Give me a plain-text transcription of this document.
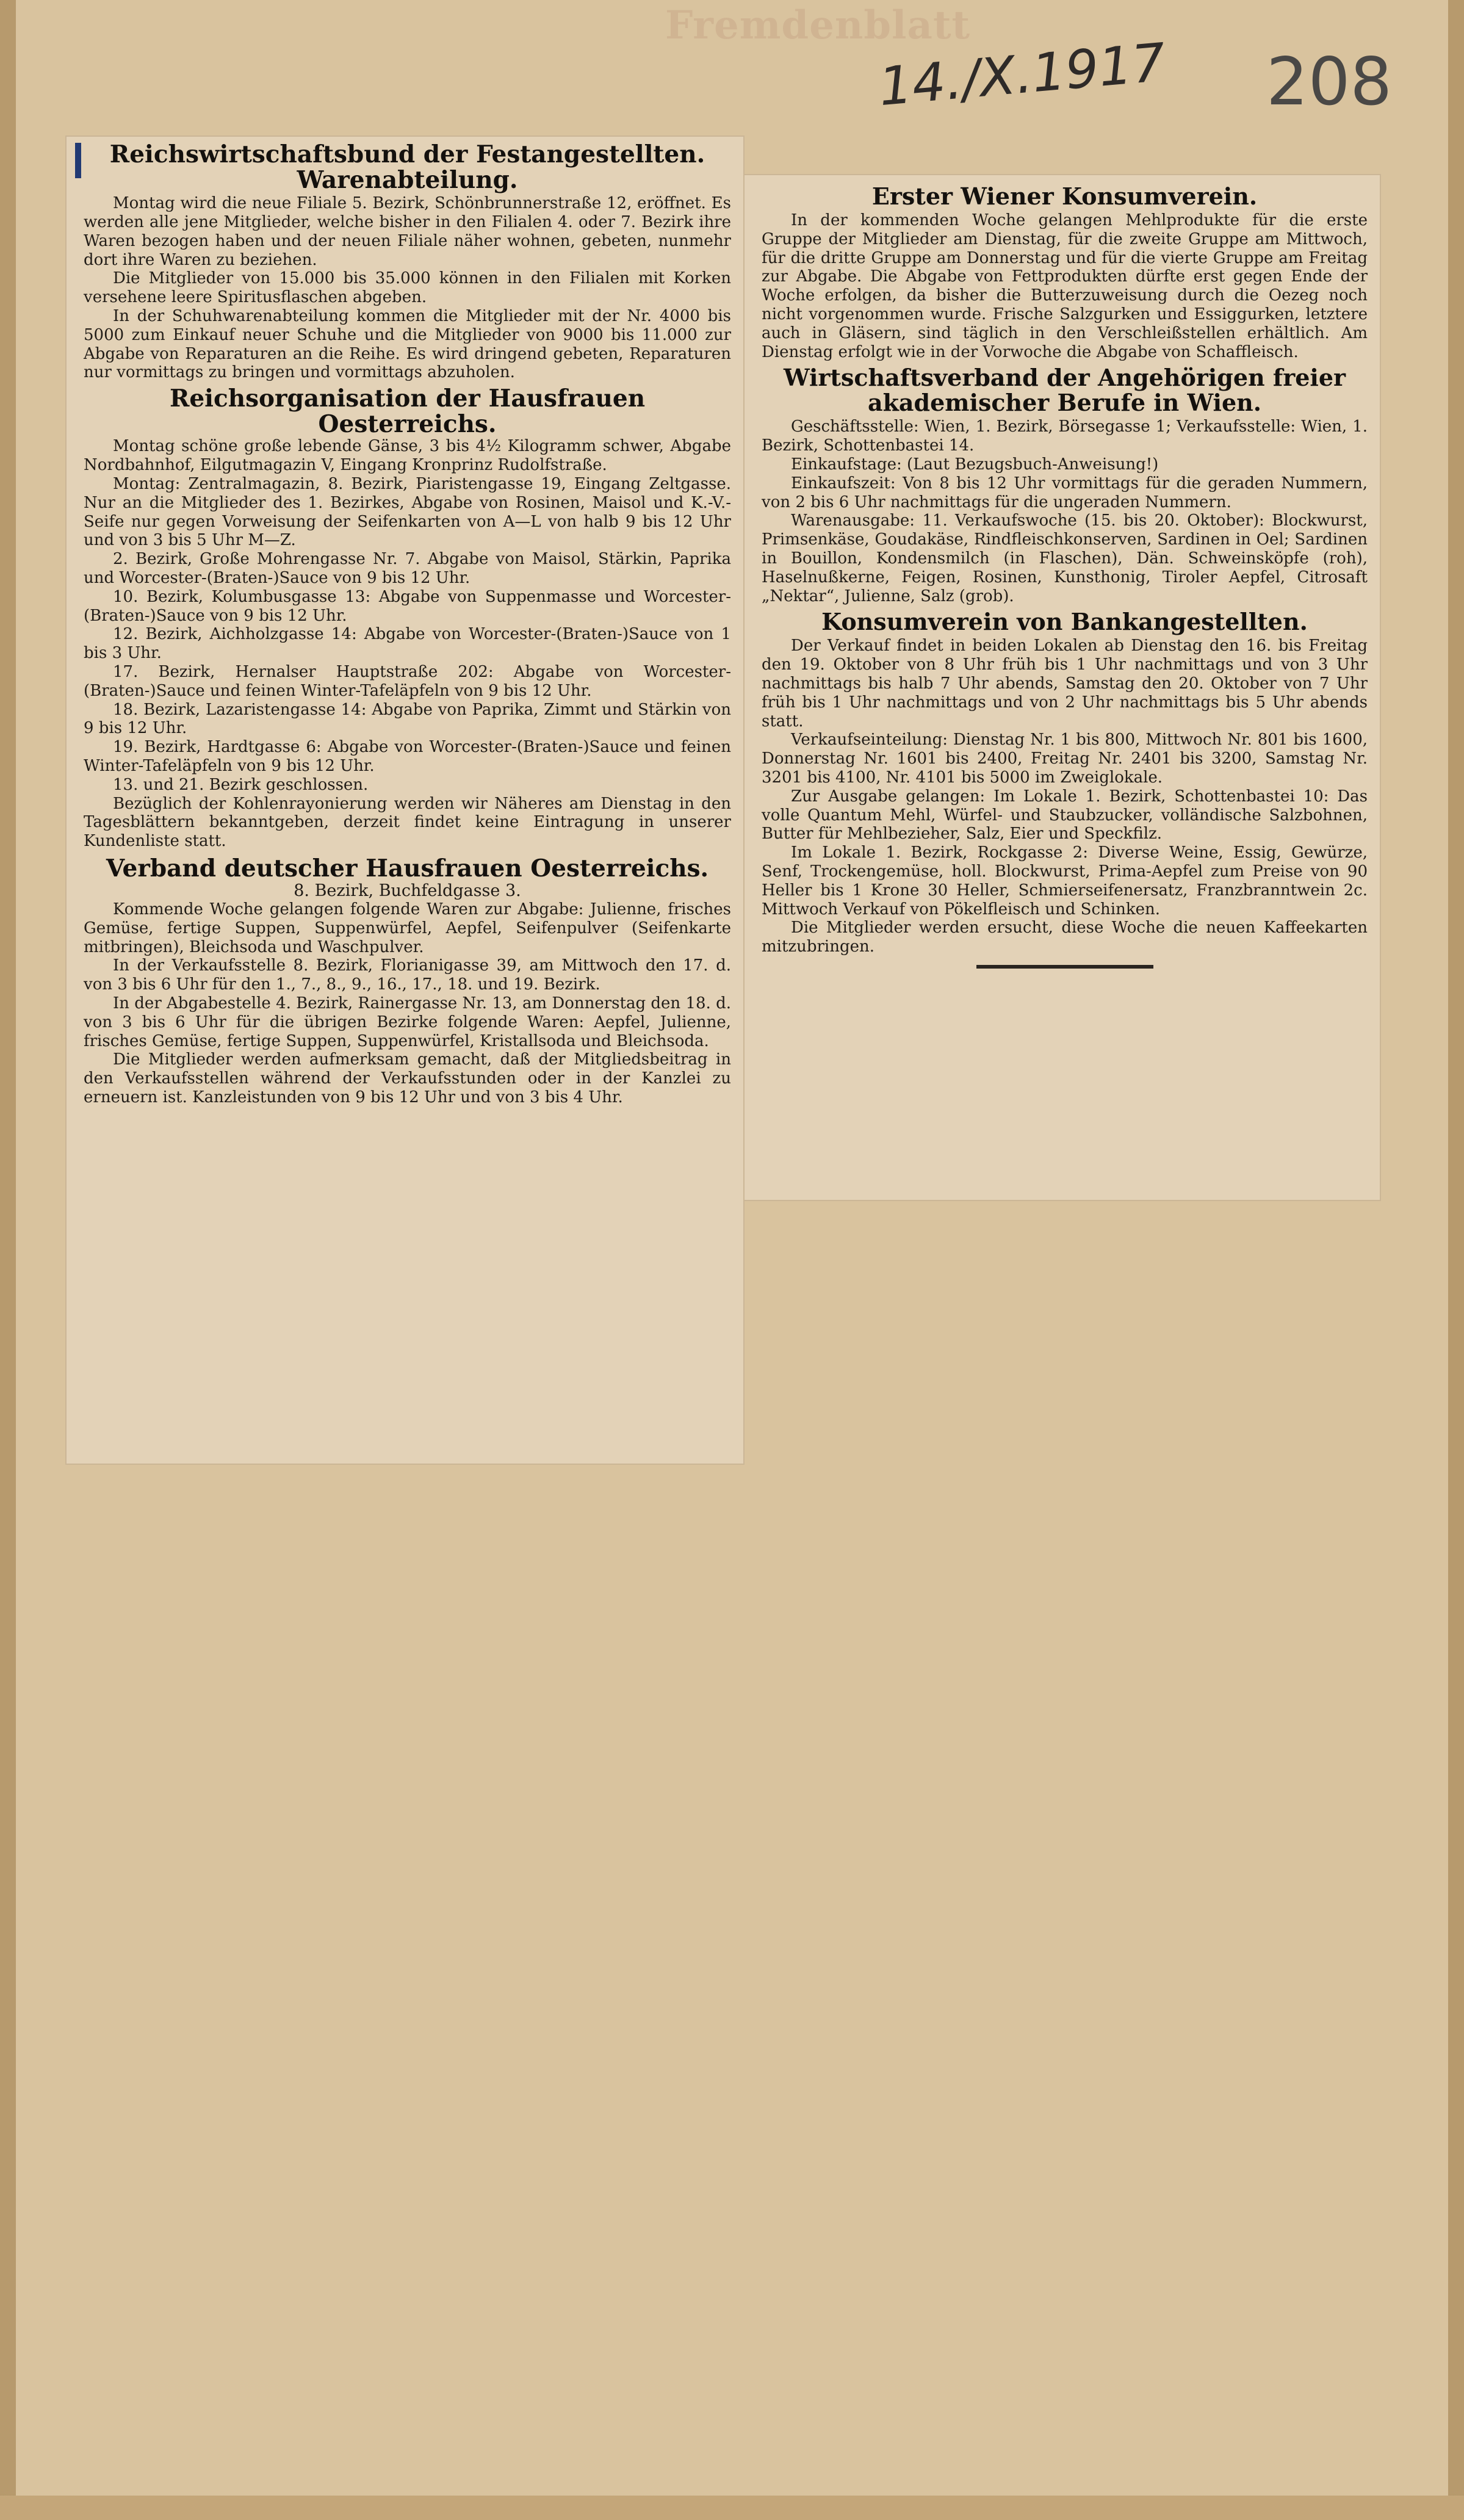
Fremdenblatt
14./X.1917 208
Reichswirtschaftsbund der Festangestellten.
Warenabteilung.

Montag wird die neue Filiale 5. Bezirk, Schönbrunnerstraße 12, eröffnet. Es werden alle jene Mitglieder, welche bisher in den Filialen 4. oder 7. Bezirk ihre Waren bezogen haben und der neuen Filiale näher wohnen, gebeten, nunmehr dort ihre Waren zu beziehen.

Die Mitglieder von 15.000 bis 35.000 können in den Filialen mit Korken versehene leere Spiritusflaschen abgeben.

In der Schuhwarenabteilung kommen die Mitglieder mit der Nr. 4000 bis 5000 zum Einkauf neuer Schuhe und die Mitglieder von 9000 bis 11.000 zur Abgabe von Reparaturen an die Reihe. Es wird dringend gebeten, Reparaturen nur vormittags zu bringen und vormittags abzuholen.

Reichsorganisation der Hausfrauen Oesterreichs.

Montag schöne große lebende Gänse, 3 bis 4½ Kilogramm schwer, Abgabe Nordbahnhof, Eilgutmagazin V, Eingang Kronprinz Rudolfstraße.

Montag: Zentralmagazin, 8. Bezirk, Piaristengasse 19, Eingang Zeltgasse. Nur an die Mitglieder des 1. Bezirkes, Abgabe von Rosinen, Maisol und K.-V.-Seife nur gegen Vorweisung der Seifenkarten von A—L von halb 9 bis 12 Uhr und von 3 bis 5 Uhr M—Z.

2. Bezirk, Große Mohrengasse Nr. 7. Abgabe von Maisol, Stärkin, Paprika und Worcester-(Braten-)Sauce von 9 bis 12 Uhr.

10. Bezirk, Kolumbusgasse 13: Abgabe von Suppenmasse und Worcester-(Braten-)Sauce von 9 bis 12 Uhr.

12. Bezirk, Aichholzgasse 14: Abgabe von Worcester-(Braten-)Sauce von 1 bis 3 Uhr.

17. Bezirk, Hernalser Hauptstraße 202: Abgabe von Worcester-(Braten-)Sauce und feinen Winter-Tafeläpfeln von 9 bis 12 Uhr.

18. Bezirk, Lazaristengasse 14: Abgabe von Paprika, Zimmt und Stärkin von 9 bis 12 Uhr.

19. Bezirk, Hardtgasse 6: Abgabe von Worcester-(Braten-)Sauce und feinen Winter-Tafeläpfeln von 9 bis 12 Uhr.

13. und 21. Bezirk geschlossen.

Bezüglich der Kohlenrayonierung werden wir Näheres am Dienstag in den Tagesblättern bekanntgeben, derzeit findet keine Eintragung in unserer Kundenliste statt.

Verband deutscher Hausfrauen Oesterreichs.

8. Bezirk, Buchfeldgasse 3.

Kommende Woche gelangen folgende Waren zur Abgabe: Julienne, frisches Gemüse, fertige Suppen, Suppenwürfel, Aepfel, Seifenpulver (Seifenkarte mitbringen), Bleichsoda und Waschpulver.

In der Verkaufsstelle 8. Bezirk, Florianigasse 39, am Mittwoch den 17. d. von 3 bis 6 Uhr für den 1., 7., 8., 9., 16., 17., 18. und 19. Bezirk.

In der Abgabestelle 4. Bezirk, Rainergasse Nr. 13, am Donnerstag den 18. d. von 3 bis 6 Uhr für die übrigen Bezirke folgende Waren: Aepfel, Julienne, frisches Gemüse, fertige Suppen, Suppenwürfel, Kristallsoda und Bleichsoda.

Die Mitglieder werden aufmerksam gemacht, daß der Mitgliedsbeitrag in den Verkaufsstellen während der Verkaufsstunden oder in der Kanzlei zu erneuern ist. Kanzleistunden von 9 bis 12 Uhr und von 3 bis 4 Uhr.

Erster Wiener Konsumverein.

In der kommenden Woche gelangen Mehlprodukte für die erste Gruppe der Mitglieder am Dienstag, für die zweite Gruppe am Mittwoch, für die dritte Gruppe am Donnerstag und für die vierte Gruppe am Freitag zur Abgabe. Die Abgabe von Fettprodukten dürfte erst gegen Ende der Woche erfolgen, da bisher die Butterzuweisung durch die Oezeg noch nicht vorgenommen wurde. Frische Salzgurken und Essiggurken, letztere auch in Gläsern, sind täglich in den Verschleißstellen erhältlich. Am Dienstag erfolgt wie in der Vorwoche die Abgabe von Schaffleisch.

Wirtschaftsverband der Angehörigen freier
akademischer Berufe in Wien.

Geschäftsstelle: Wien, 1. Bezirk, Börsegasse 1; Verkaufsstelle: Wien, 1. Bezirk, Schottenbastei 14.

Einkaufstage: (Laut Bezugsbuch-Anweisung!)

Einkaufszeit: Von 8 bis 12 Uhr vormittags für die geraden Nummern, von 2 bis 6 Uhr nachmittags für die ungeraden Nummern.

Warenausgabe: 11. Verkaufswoche (15. bis 20. Oktober): Blockwurst, Primsenkäse, Goudakäse, Rindfleischkonserven, Sardinen in Oel; Sardinen in Bouillon, Kondensmilch (in Flaschen), Dän. Schweinsköpfe (roh), Haselnußkerne, Feigen, Rosinen, Kunsthonig, Tiroler Aepfel, Citrosaft „Nektar“, Julienne, Salz (grob).

Konsumverein von Bankangestellten.

Der Verkauf findet in beiden Lokalen ab Dienstag den 16. bis Freitag den 19. Oktober von 8 Uhr früh bis 1 Uhr nachmittags und von 3 Uhr nachmittags bis halb 7 Uhr abends, Samstag den 20. Oktober von 7 Uhr früh bis 1 Uhr nachmittags und von 2 Uhr nachmittags bis 5 Uhr abends statt.

Verkaufseinteilung: Dienstag Nr. 1 bis 800, Mittwoch Nr. 801 bis 1600, Donnerstag Nr. 1601 bis 2400, Freitag Nr. 2401 bis 3200, Samstag Nr. 3201 bis 4100, Nr. 4101 bis 5000 im Zweiglokale.

Zur Ausgabe gelangen: Im Lokale 1. Bezirk, Schottenbastei 10: Das volle Quantum Mehl, Würfel- und Staubzucker, volländische Salzbohnen, Butter für Mehlbezieher, Salz, Eier und Speckfilz.

Im Lokale 1. Bezirk, Rockgasse 2: Diverse Weine, Essig, Gewürze, Senf, Trockengemüse, holl. Blockwurst, Prima-Aepfel zum Preise von 90 Heller bis 1 Krone 30 Heller, Schmierseifenersatz, Franzbranntwein 2c. Mittwoch Verkauf von Pökelfleisch und Schinken.

Die Mitglieder werden ersucht, diese Woche die neuen Kaffeekarten mitzubringen.
